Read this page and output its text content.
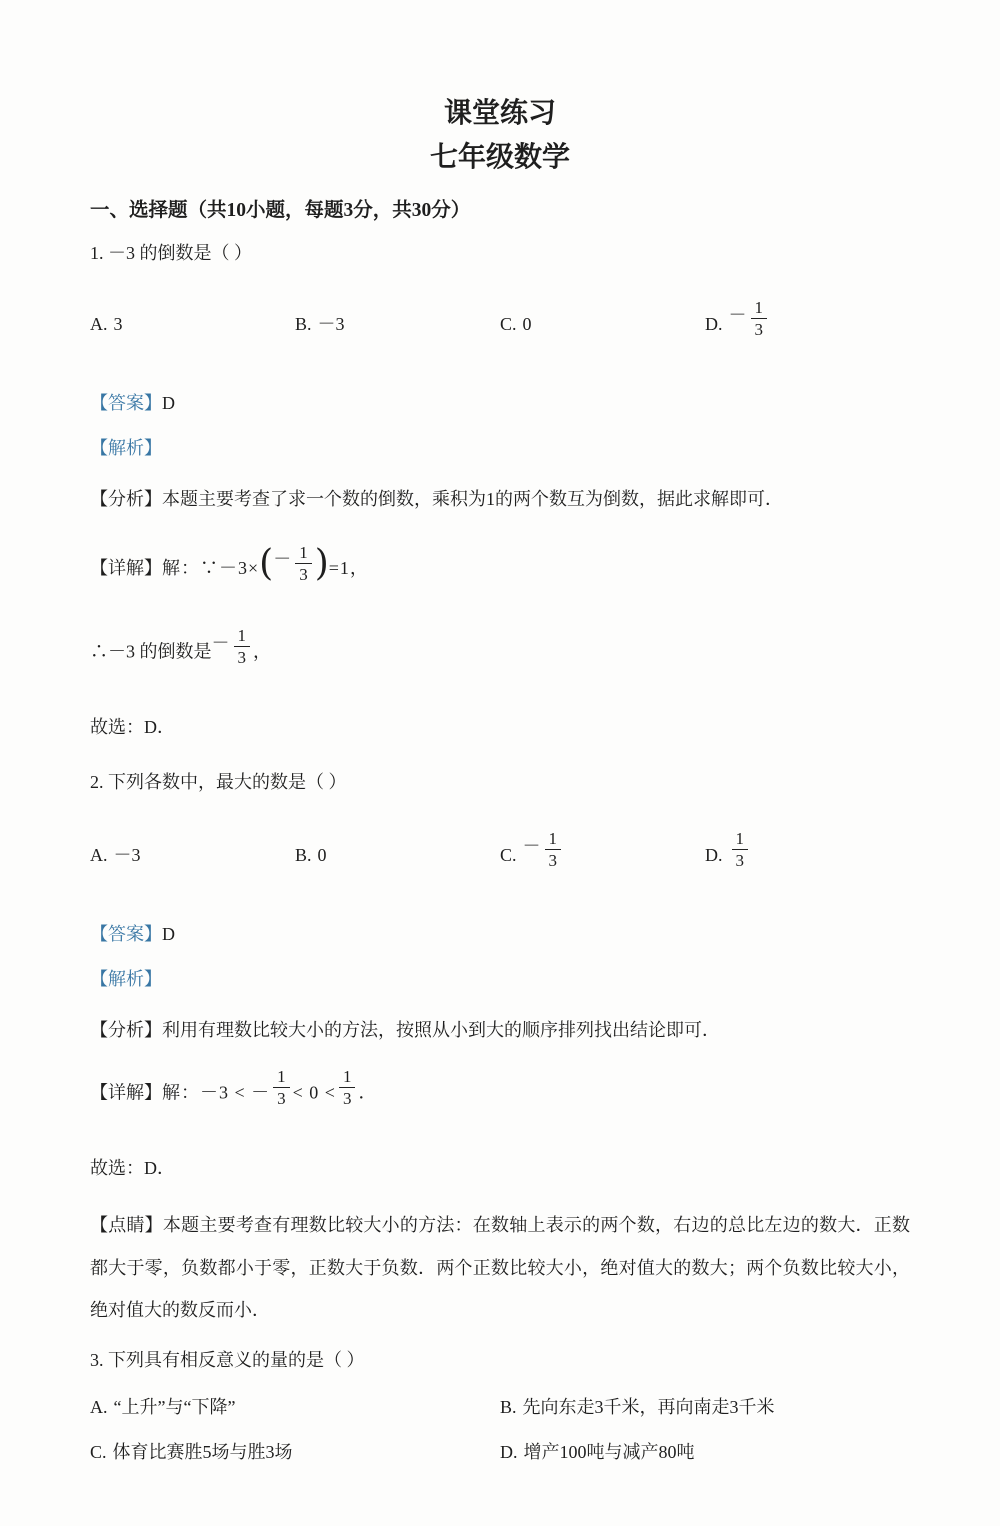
课堂练习
七年级数学
一、选择题（共10小题，每题3分，共30分）
1. －3 的倒数是（ ）
A. 3	B. －3	C. 0	D. － $\frac{1}{3}$
【答案】D
【解析】
【分析】本题主要考查了求一个数的倒数，乘积为1的两个数互为倒数，据此求解即可．
【详解】解：∵－3×(－ $\frac{1}{3} )=1$，
∴－3 的倒数是－ $\frac{1}{3}$ ，
故选：D．
2. 下列各数中，最大的数是（ ）
A. －3	B. 0	C. － $\frac{1}{3}$	D. $\frac{1}{3}$
【答案】D
【解析】
【分析】利用有理数比较大小的方法，按照从小到大的顺序排列找出结论即可．
【详解】解：－3 < － $\frac{1}{3} < 0 < \frac{1}{3}$ ．
故选：D．
【点睛】本题主要考查有理数比较大小的方法：在数轴上表示的两个数，右边的总比左边的数大．正数都大于零，负数都小于零，正数大于负数．两个正数比较大小，绝对值大的数大；两个负数比较大小，绝对值大的数反而小．
3. 下列具有相反意义的量的是（ ）
A. “上升”与“下降”	B. 先向东走3千米，再向南走3千米
C. 体育比赛胜5场与胜3场	D. 增产100吨与减产80吨
